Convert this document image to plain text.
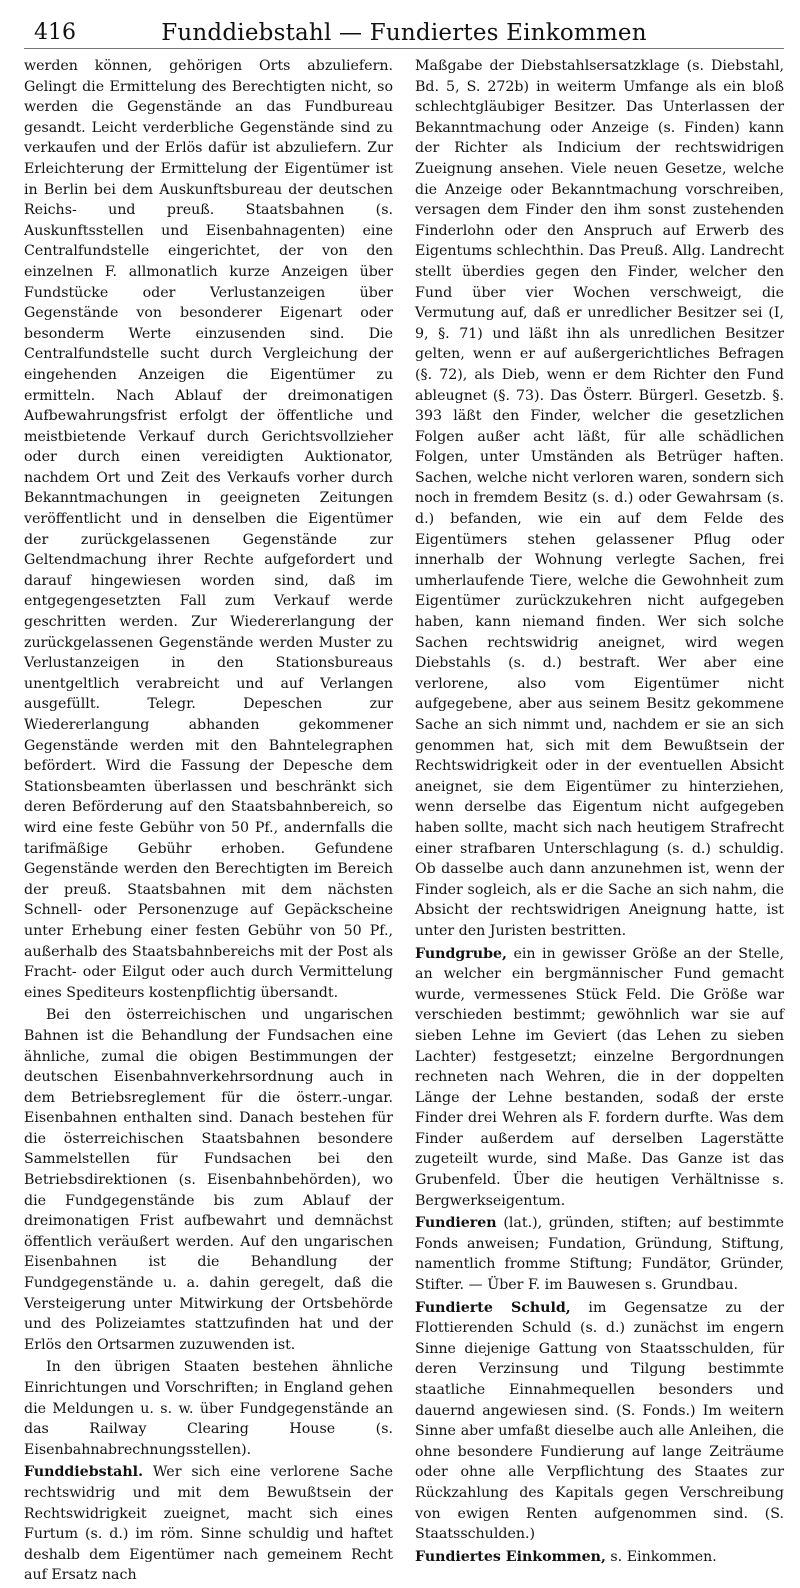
416	Funddiebstahl — Fundiertes Einkommen

werden können, gehörigen Orts abzuliefern. Gelingt die Ermittelung des Berechtigten nicht, so werden die Gegenstände an das Fundbureau gesandt. Leicht verderbliche Gegenstände sind zu verkaufen und der Erlös dafür ist abzuliefern. Zur Erleichterung der Ermittelung der Eigentümer ist in Berlin bei dem Auskunftsbureau der deutschen Reichs- und preuß. Staatsbahnen (s. Auskunftsstellen und Eisenbahnagenten) eine Centralfundstelle eingerichtet, der von den einzelnen F. allmonatlich kurze Anzeigen über Fundstücke oder Verlustanzeigen über Gegenstände von besonderer Eigenart oder besonderm Werte einzusenden sind. Die Centralfundstelle sucht durch Vergleichung der eingehenden Anzeigen die Eigentümer zu ermitteln. Nach Ablauf der dreimonatigen Aufbewahrungsfrist erfolgt der öffentliche und meistbietende Verkauf durch Gerichtsvollzieher oder durch einen vereidigten Auktionator, nachdem Ort und Zeit des Verkaufs vorher durch Bekanntmachungen in geeigneten Zeitungen veröffentlicht und in denselben die Eigentümer der zurückgelassenen Gegenstände zur Geltendmachung ihrer Rechte aufgefordert und darauf hingewiesen worden sind, daß im entgegengesetzten Fall zum Verkauf werde geschritten werden. Zur Wiedererlangung der zurückgelassenen Gegenstände werden Muster zu Verlustanzeigen in den Stationsbureaus unentgeltlich verabreicht und auf Verlangen ausgefüllt. Telegr. Depeschen zur Wiedererlangung abhanden gekommener Gegenstände werden mit den Bahntelegraphen befördert. Wird die Fassung der Depesche dem Stationsbeamten überlassen und beschränkt sich deren Beförderung auf den Staatsbahnbereich, so wird eine feste Gebühr von 50 Pf., andernfalls die tarifmäßige Gebühr erhoben. Gefundene Gegenstände werden den Berechtigten im Bereich der preuß. Staatsbahnen mit dem nächsten Schnell- oder Personenzuge auf Gepäckscheine unter Erhebung einer festen Gebühr von 50 Pf., außerhalb des Staatsbahnbereichs mit der Post als Fracht- oder Eilgut oder auch durch Vermittelung eines Spediteurs kostenpflichtig übersandt.

Bei den österreichischen und ungarischen Bahnen ist die Behandlung der Fundsachen eine ähnliche, zumal die obigen Bestimmungen der deutschen Eisenbahnverkehrsordnung auch in dem Betriebsreglement für die österr.-ungar. Eisenbahnen enthalten sind. Danach bestehen für die österreichischen Staatsbahnen besondere Sammelstellen für Fundsachen bei den Betriebsdirektionen (s. Eisenbahnbehörden), wo die Fundgegenstände bis zum Ablauf der dreimonatigen Frist aufbewahrt und demnächst öffentlich veräußert werden. Auf den ungarischen Eisenbahnen ist die Behandlung der Fundgegenstände u. a. dahin geregelt, daß die Versteigerung unter Mitwirkung der Ortsbehörde und des Polizeiamtes stattzufinden hat und der Erlös den Ortsarmen zuzuwenden ist.

In den übrigen Staaten bestehen ähnliche Einrichtungen und Vorschriften; in England gehen die Meldungen u. s. w. über Fundgegenstände an das Railway Clearing House (s. Eisenbahnabrechnungsstellen).

Funddiebstahl. Wer sich eine verlorene Sache rechtswidrig und mit dem Bewußtsein der Rechtswidrigkeit zueignet, macht sich eines Furtum (s. d.) im röm. Sinne schuldig und haftet deshalb dem Eigentümer nach gemeinem Recht auf Ersatz nach

Maßgabe der Diebstahlsersatzklage (s. Diebstahl, Bd. 5, S. 272b) in weiterm Umfange als ein bloß schlechtgläubiger Besitzer. Das Unterlassen der Bekanntmachung oder Anzeige (s. Finden) kann der Richter als Indicium der rechtswidrigen Zueignung ansehen. Viele neuen Gesetze, welche die Anzeige oder Bekanntmachung vorschreiben, versagen dem Finder den ihm sonst zustehenden Finderlohn oder den Anspruch auf Erwerb des Eigentums schlechthin. Das Preuß. Allg. Landrecht stellt überdies gegen den Finder, welcher den Fund über vier Wochen verschweigt, die Vermutung auf, daß er unredlicher Besitzer sei (I, 9, §. 71) und läßt ihn als unredlichen Besitzer gelten, wenn er auf außergerichtliches Befragen (§. 72), als Dieb, wenn er dem Richter den Fund ableugnet (§. 73). Das Österr. Bürgerl. Gesetzb. §. 393 läßt den Finder, welcher die gesetzlichen Folgen außer acht läßt, für alle schädlichen Folgen, unter Umständen als Betrüger haften. Sachen, welche nicht verloren waren, sondern sich noch in fremdem Besitz (s. d.) oder Gewahrsam (s. d.) befanden, wie ein auf dem Felde des Eigentümers stehen gelassener Pflug oder innerhalb der Wohnung verlegte Sachen, frei umherlaufende Tiere, welche die Gewohnheit zum Eigentümer zurückzukehren nicht aufgegeben haben, kann niemand finden. Wer sich solche Sachen rechtswidrig aneignet, wird wegen Diebstahls (s. d.) bestraft. Wer aber eine verlorene, also vom Eigentümer nicht aufgegebene, aber aus seinem Besitz gekommene Sache an sich nimmt und, nachdem er sie an sich genommen hat, sich mit dem Bewußtsein der Rechtswidrigkeit oder in der eventuellen Absicht aneignet, sie dem Eigentümer zu hinterziehen, wenn derselbe das Eigentum nicht aufgegeben haben sollte, macht sich nach heutigem Strafrecht einer strafbaren Unterschlagung (s. d.) schuldig. Ob dasselbe auch dann anzunehmen ist, wenn der Finder sogleich, als er die Sache an sich nahm, die Absicht der rechtswidrigen Aneignung hatte, ist unter den Juristen bestritten.

Fundgrube, ein in gewisser Größe an der Stelle, an welcher ein bergmännischer Fund gemacht wurde, vermessenes Stück Feld. Die Größe war verschieden bestimmt; gewöhnlich war sie auf sieben Lehne im Geviert (das Lehen zu sieben Lachter) festgesetzt; einzelne Bergordnungen rechneten nach Wehren, die in der doppelten Länge der Lehne bestanden, sodaß der erste Finder drei Wehren als F. fordern durfte. Was dem Finder außerdem auf derselben Lagerstätte zugeteilt wurde, sind Maße. Das Ganze ist das Grubenfeld. Über die heutigen Verhältnisse s. Bergwerkseigentum.

Fundieren (lat.), gründen, stiften; auf bestimmte Fonds anweisen; Fundation, Gründung, Stiftung, namentlich fromme Stiftung; Fundätor, Gründer, Stifter. — Über F. im Bauwesen s. Grundbau.

Fundierte Schuld, im Gegensatze zu der Flottierenden Schuld (s. d.) zunächst im engern Sinne diejenige Gattung von Staatsschulden, für deren Verzinsung und Tilgung bestimmte staatliche Einnahmequellen besonders und dauernd angewiesen sind. (S. Fonds.) Im weitern Sinne aber umfaßt dieselbe auch alle Anleihen, die ohne besondere Fundierung auf lange Zeiträume oder ohne alle Verpflichtung des Staates zur Rückzahlung des Kapitals gegen Verschreibung von ewigen Renten aufgenommen sind. (S. Staatsschulden.)

Fundiertes Einkommen, s. Einkommen.
